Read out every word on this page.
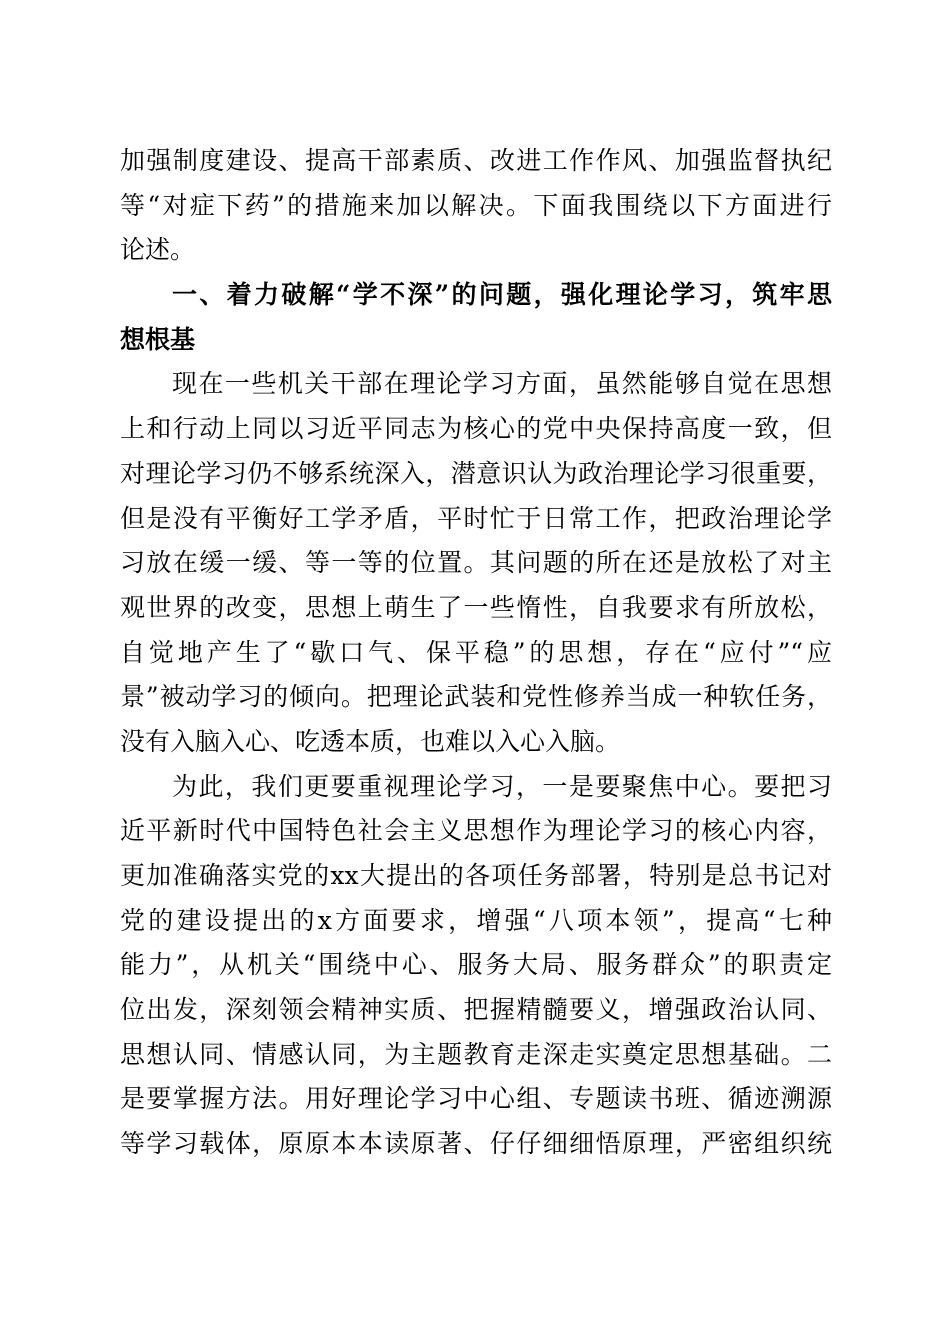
加强制度建设、提高干部素质、改进工作作风、加强监督执纪
等“对症下药”的措施来加以解决。下面我围绕以下方面进行
论述。
一、着力破解“学不深”的问题，强化理论学习，筑牢思
想根基
现在一些机关干部在理论学习方面，虽然能够自觉在思想
上和行动上同以习近平同志为核心的党中央保持高度一致，但
对理论学习仍不够系统深入，潜意识认为政治理论学习很重要，
但是没有平衡好工学矛盾，平时忙于日常工作，把政治理论学
习放在缓一缓、等一等的位置。其问题的所在还是放松了对主
观世界的改变，思想上萌生了一些惰性，自我要求有所放松，
自觉地产生了“歇口气、保平稳”的思想，存在“应付”“应
景”被动学习的倾向。把理论武装和党性修养当成一种软任务，
没有入脑入心、吃透本质，也难以入心入脑。
为此，我们更要重视理论学习，一是要聚焦中心。要把习
近平新时代中国特色社会主义思想作为理论学习的核心内容，
更加准确落实党的xx大提出的各项任务部署，特别是总书记对
党的建设提出的x方面要求，增强“八项本领”，提高“七种
能力”，从机关“围绕中心、服务大局、服务群众”的职责定
位出发，深刻领会精神实质、把握精髓要义，增强政治认同、
思想认同、情感认同，为主题教育走深走实奠定思想基础。二
是要掌握方法。用好理论学习中心组、专题读书班、循迹溯源
等学习载体，原原本本读原著、仔仔细细悟原理，严密组织统
